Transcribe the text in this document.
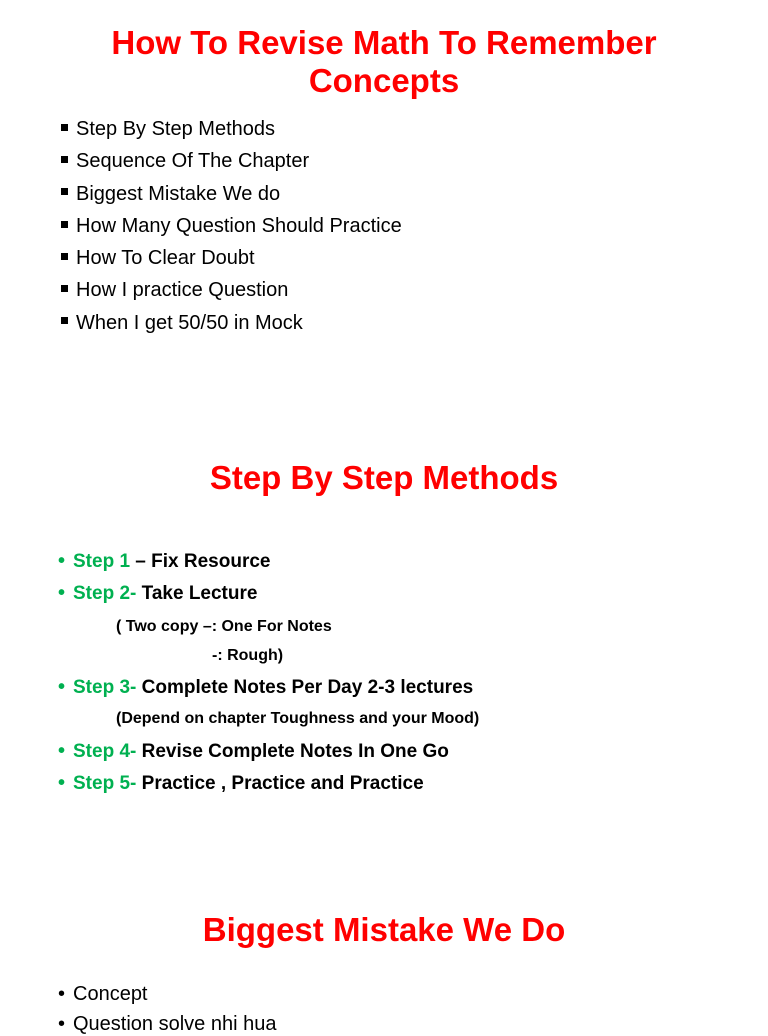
How To Revise Math To Remember
Concepts
Step By Step Methods
Sequence Of The Chapter
Biggest Mistake We do
How Many Question Should Practice
How To Clear Doubt
How I practice Question
When I get 50/50 in Mock
Step By Step Methods
• Step 1 – Fix Resource
• Step 2- Take Lecture
( Two copy –: One For Notes
-: Rough)
• Step 3- Complete Notes Per Day 2-3 lectures
(Depend on chapter Toughness and your Mood)
• Step 4- Revise Complete Notes In One Go
• Step 5- Practice , Practice and Practice
Biggest Mistake We Do
• Concept
• Question solve nhi hua
